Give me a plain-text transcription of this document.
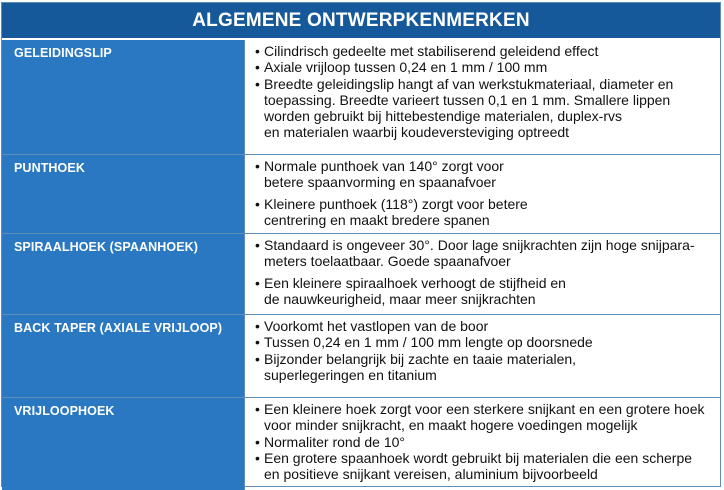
ALGEMENE ONTWERPKENMERKEN
GELEIDINGSLIP	• Cilindrisch gedeelte met stabiliserend geleidend effect
• Axiale vrijloop tussen 0,24 en 1 mm / 100 mm
• Breedte geleidingslip hangt af van werkstukmateriaal, diameter en
toepassing. Breedte varieert tussen 0,1 en 1 mm. Smallere lippen
worden gebruikt bij hittebestendige materialen, duplex-rvs
en materialen waarbij koudeversteviging optreedt
PUNTHOEK	• Normale punthoek van 140° zorgt voor
betere spaanvorming en spaanafvoer
• Kleinere punthoek (118°) zorgt voor betere
centrering en maakt bredere spanen
SPIRAALHOEK (SPAANHOEK)	• Standaard is ongeveer 30°. Door lage snijkrachten zijn hoge snijpara-
meters toelaatbaar. Goede spaanafvoer
• Een kleinere spiraalhoek verhoogt de stijfheid en
de nauwkeurigheid, maar meer snijkrachten
BACK TAPER (AXIALE VRIJLOOP)	• Voorkomt het vastlopen van de boor
• Tussen 0,24 en 1 mm / 100 mm lengte op doorsnede
• Bijzonder belangrijk bij zachte en taaie materialen,
superlegeringen en titanium
VRIJLOOPHOEK	• Een kleinere hoek zorgt voor een sterkere snijkant en een grotere hoek
voor minder snijkracht, en maakt hogere voedingen mogelijk
• Normaliter rond de 10°
• Een grotere spaanhoek wordt gebruikt bij materialen die een scherpe
en positieve snijkant vereisen, aluminium bijvoorbeeld
